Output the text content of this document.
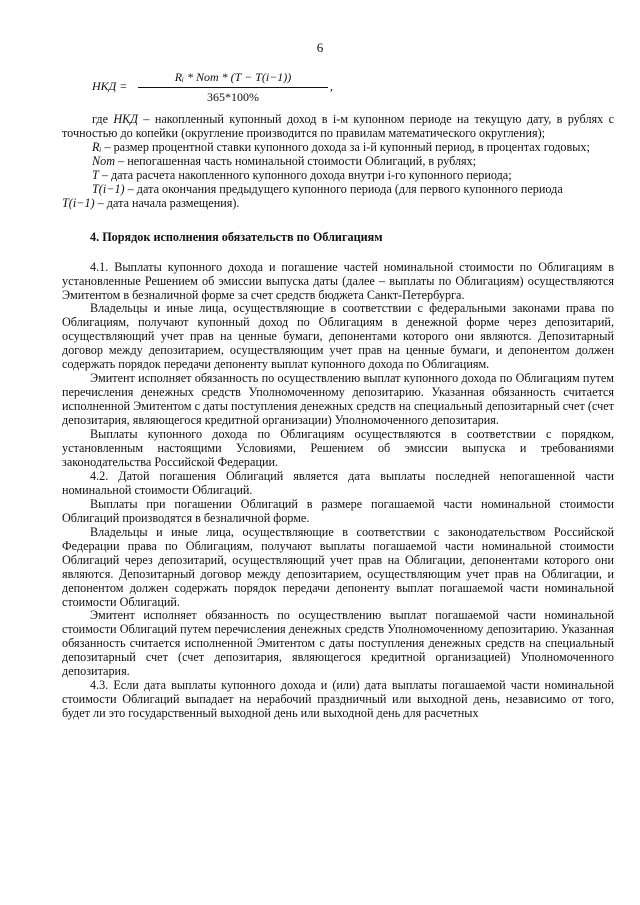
6
НКД =
Rᵢ * Nom * (T − T(i−1))
365*100%
,

где НКД – накопленный купонный доход в i-м купонном периоде на текущую дату, в рублях с точностью до копейки (округление производится по правилам математического округления);

Rᵢ – размер процентной ставки купонного дохода за i-й купонный период, в процентах годовых;

Nom – непогашенная часть номинальной стоимости Облигаций, в рублях;

T – дата расчета накопленного купонного дохода внутри i-го купонного периода;

T(i−1) – дата окончания предыдущего купонного периода (для первого купонного периода

T(i−1) – дата начала размещения).

4. Порядок исполнения обязательств по Облигациям

4.1. Выплаты купонного дохода и погашение частей номинальной стоимости по Облигациям в установленные Решением об эмиссии выпуска даты (далее – выплаты по Облигациям) осуществляются Эмитентом в безналичной форме за счет средств бюджета Санкт-Петербурга.

Владельцы и иные лица, осуществляющие в соответствии с федеральными законами права по Облигациям, получают купонный доход по Облигациям в денежной форме через депозитарий, осуществляющий учет прав на ценные бумаги, депонентами которого они являются. Депозитарный договор между депозитарием, осуществляющим учет прав на ценные бумаги, и депонентом должен содержать порядок передачи депоненту выплат купонного дохода по Облигациям.

Эмитент исполняет обязанность по осуществлению выплат купонного дохода по Облигациям путем перечисления денежных средств Уполномоченному депозитарию. Указанная обязанность считается исполненной Эмитентом с даты поступления денежных средств на специальный депозитарный счет (счет депозитария, являющегося кредитной организации) Уполномоченного депозитария.

Выплаты купонного дохода по Облигациям осуществляются в соответствии с порядком, установленным настоящими Условиями, Решением об эмиссии выпуска и требованиями законодательства Российской Федерации.

4.2. Датой погашения Облигаций является дата выплаты последней непогашенной части номинальной стоимости Облигаций.

Выплаты при погашении Облигаций в размере погашаемой части номинальной стоимости Облигаций производятся в безналичной форме.

Владельцы и иные лица, осуществляющие в соответствии с законодательством Российской Федерации права по Облигациям, получают выплаты погашаемой части номинальной стоимости Облигаций через депозитарий, осуществляющий учет прав на Облигации, депонентами которого они являются. Депозитарный договор между депозитарием, осуществляющим учет прав на Облигации, и депонентом должен содержать порядок передачи депоненту выплат погашаемой части номинальной стоимости Облигаций.

Эмитент исполняет обязанность по осуществлению выплат погашаемой части номинальной стоимости Облигаций путем перечисления денежных средств Уполномоченному депозитарию. Указанная обязанность считается исполненной Эмитентом с даты поступления денежных средств на специальный депозитарный счет (счет депозитария, являющегося кредитной организацией) Уполномоченного депозитария.

4.3. Если дата выплаты купонного дохода и (или) дата выплаты погашаемой части номинальной стоимости Облигаций выпадает на нерабочий праздничный или выходной день, независимо от того, будет ли это государственный выходной день или выходной день для расчетных
